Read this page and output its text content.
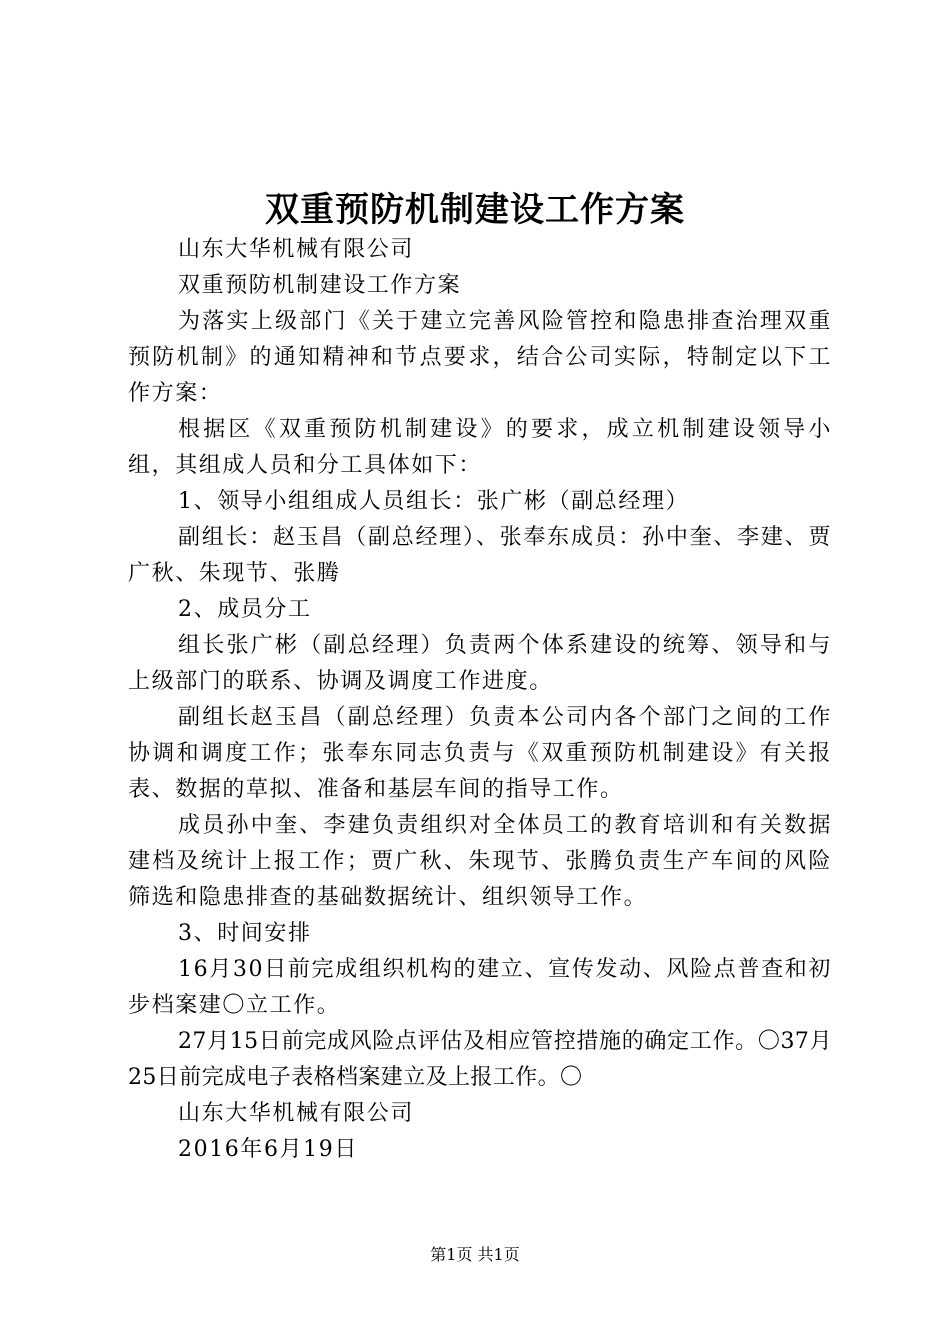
双重预防机制建设工作方案

山东大华机械有限公司

双重预防机制建设工作方案

为落实上级部门《关于建立完善风险管控和隐患排查治理双重预防机制》的通知精神和节点要求，结合公司实际，特制定以下工作方案：

根据区《双重预防机制建设》的要求，成立机制建设领导小组，其组成人员和分工具体如下：

1、领导小组组成人员组长：张广彬（副总经理）

副组长：赵玉昌（副总经理）、张奉东成员：孙中奎、李建、贾广秋、朱现节、张腾

2、成员分工

组长张广彬（副总经理）负责两个体系建设的统筹、领导和与上级部门的联系、协调及调度工作进度。

副组长赵玉昌（副总经理）负责本公司内各个部门之间的工作协调和调度工作；张奉东同志负责与《双重预防机制建设》有关报表、数据的草拟、准备和基层车间的指导工作。

成员孙中奎、李建负责组织对全体员工的教育培训和有关数据建档及统计上报工作；贾广秋、朱现节、张腾负责生产车间的风险筛选和隐患排查的基础数据统计、组织领导工作。

3、时间安排

16月30日前完成组织机构的建立、宣传发动、风险点普查和初步档案建〇立工作。

27月15日前完成风险点评估及相应管控措施的确定工作。〇37月25日前完成电子表格档案建立及上报工作。〇

山东大华机械有限公司

2016年6月19日

第1页 共1页
